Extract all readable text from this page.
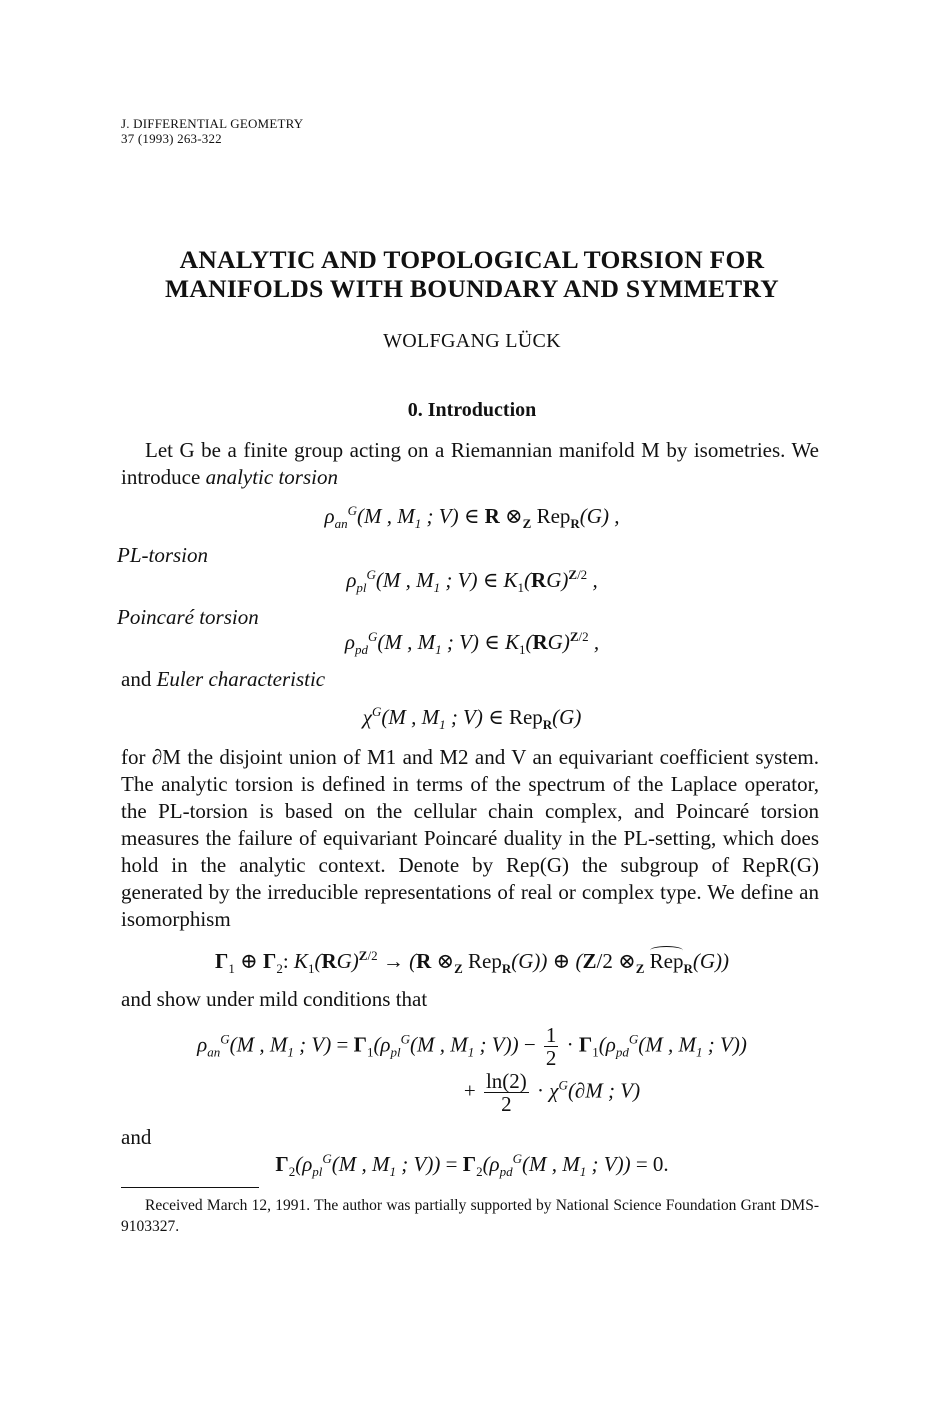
J. DIFFERENTIAL GEOMETRY
37 (1993) 263-322
ANALYTIC AND TOPOLOGICAL TORSION FOR
MANIFOLDS WITH BOUNDARY AND SYMMETRY
WOLFGANG LÜCK
0. Introduction
Let G be a finite group acting on a Riemannian manifold M by isometries. We introduce analytic torsion
$\rho_{an}^G(M$ , $M_1$ ; V) ∈ R $\otimes_Z$ Rep$_R$(G) ,
PL-torsion
$\rho_{pl}^G(M$ , $M_1$ ; V) ∈ $K_1(RG)^{Z/2}$ ,
Poincaré torsion
$\rho_{pd}^G(M$ , $M_1$ ; V) ∈ $K_1(RG)^{Z/2}$ ,
and Euler characteristic
$\chi^G(M$ , $M_1$ ; V) ∈ Rep$_R$(G)
for ∂M the disjoint union of M1 and M2 and V an equivariant coefficient system. The analytic torsion is defined in terms of the spectrum of the Laplace operator, the PL-torsion is based on the cellular chain complex, and Poincaré torsion measures the failure of equivariant Poincaré duality in the PL-setting, which does hold in the analytic context. Denote by Rep(G) the subgroup of RepR(G) generated by the irreducible representations of real or complex type. We define an isomorphism
$\Gamma_1$ ⊕ $\Gamma_2$: $K_1(RG)^{Z/2} \to (R$ $\otimes_Z$ Rep$_R$(G)) ⊕ (Z/2 $\otimes_Z$ Rep$_R$(G))
and show under mild conditions that
$\rho_{an}^G(M$ , $M_1$ ; $V) = \Gamma_1(\rho_{pl}^G(M$ , $M_1$ ; $V)) - \frac{1}{2} \cdot \Gamma_1(\rho_{pd}^G(M$ , $M_1$ ; V))
+ $\frac{\ln(2)}{2} \cdot \chi^G(\partial M$ ; V)
and
$\Gamma_2(\rho_{pl}^G(M$ , $M_1$ ; $V)) = \Gamma_2(\rho_{pd}^G(M$ , $M_1$ ; V)) = 0.
Received March 12, 1991. The author was partially supported by National Science Foundation Grant DMS-9103327.
